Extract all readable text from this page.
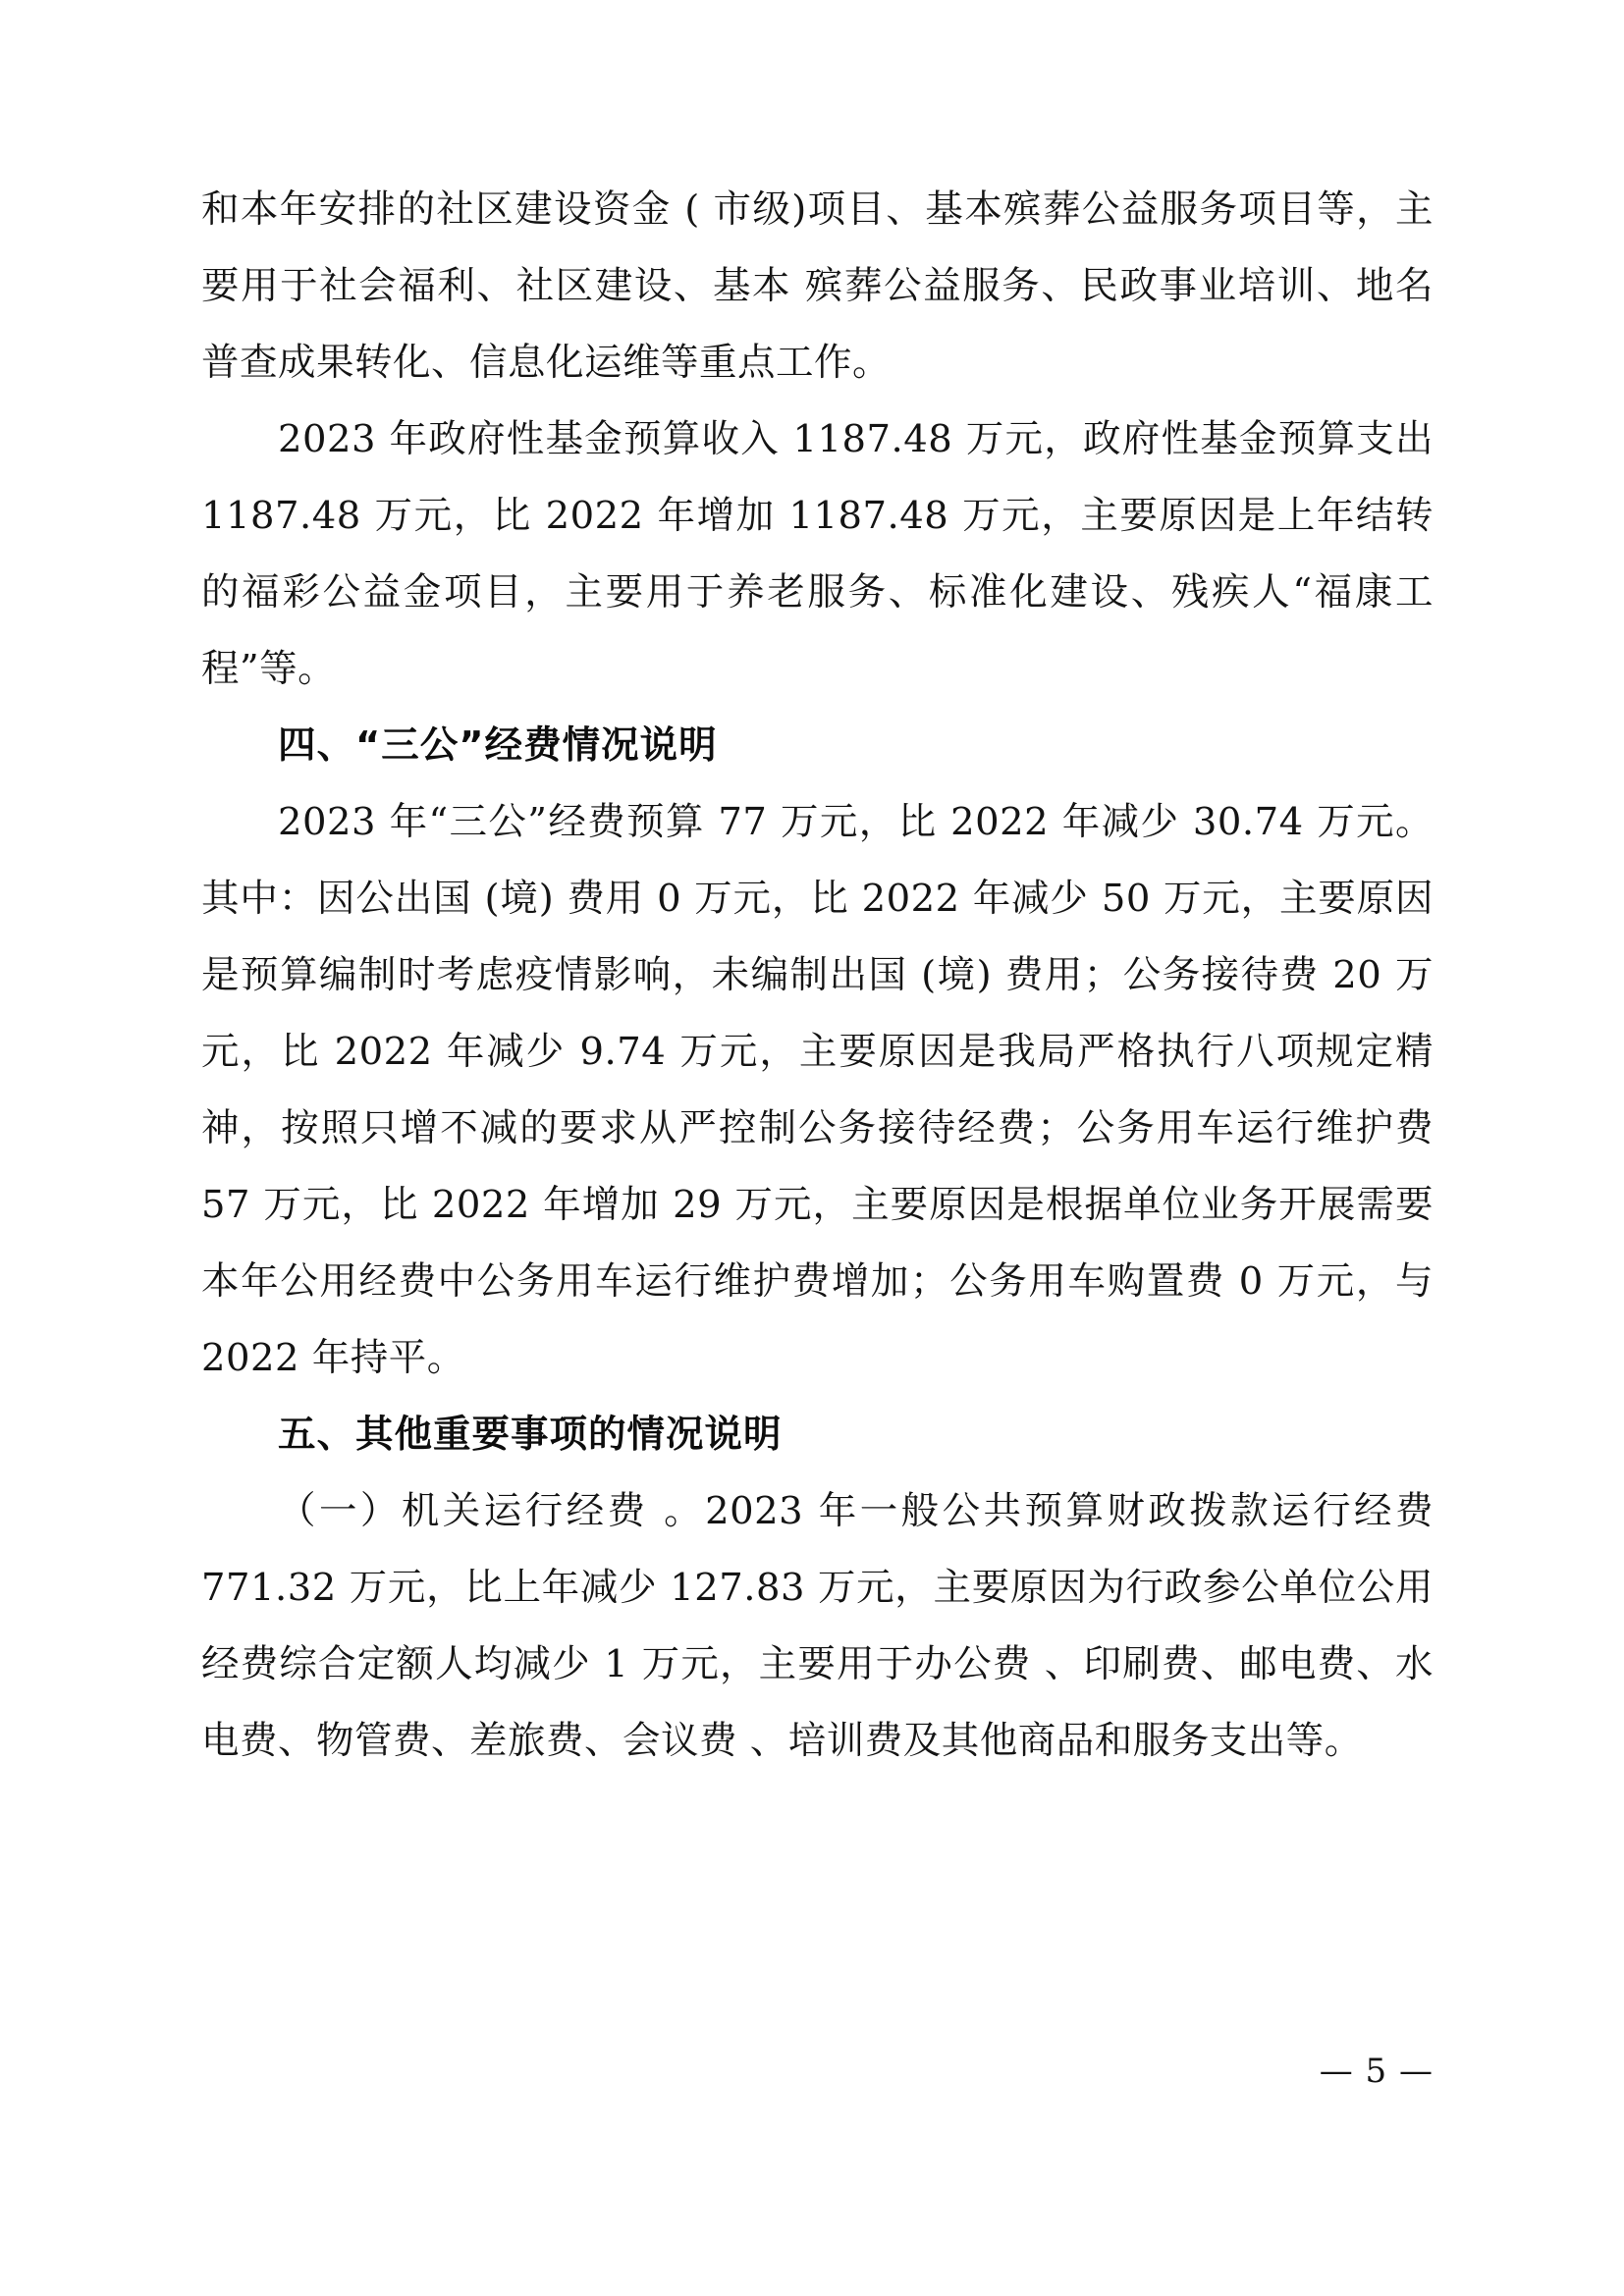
和本年安排的社区建设资金 ( 市级)项目、基本殡葬公益服务项目等，主要用于社会福利、社区建设、基本 殡葬公益服务、民政事业培训、地名普查成果转化、信息化运维等重点工作。

2023 年政府性基金预算收入 1187.48 万元，政府性基金预算支出 1187.48 万元，比 2022 年增加 1187.48 万元，主要原因是上年结转的福彩公益金项目，主要用于养老服务、标准化建设、残疾人“福康工程”等。

四、“三公”经费情况说明

2023 年“三公”经费预算 77 万元，比 2022 年减少 30.74 万元。其中：因公出国 (境) 费用 0 万元，比 2022 年减少 50 万元，主要原因是预算编制时考虑疫情影响，未编制出国 (境) 费用；公务接待费 20 万元，比 2022 年减少 9.74 万元，主要原因是我局严格执行八项规定精神，按照只增不减的要求从严控制公务接待经费；公务用车运行维护费 57 万元，比 2022 年增加 29 万元，主要原因是根据单位业务开展需要本年公用经费中公务用车运行维护费增加；公务用车购置费 0 万元，与 2022 年持平。

五、其他重要事项的情况说明

（一）机关运行经费 。2023 年一般公共预算财政拨款运行经费 771.32 万元，比上年减少 127.83 万元，主要原因为行政参公单位公用经费综合定额人均减少 1 万元，主要用于办公费 、印刷费、邮电费、水电费、物管费、差旅费、会议费 、培训费及其他商品和服务支出等。

— 5 —
